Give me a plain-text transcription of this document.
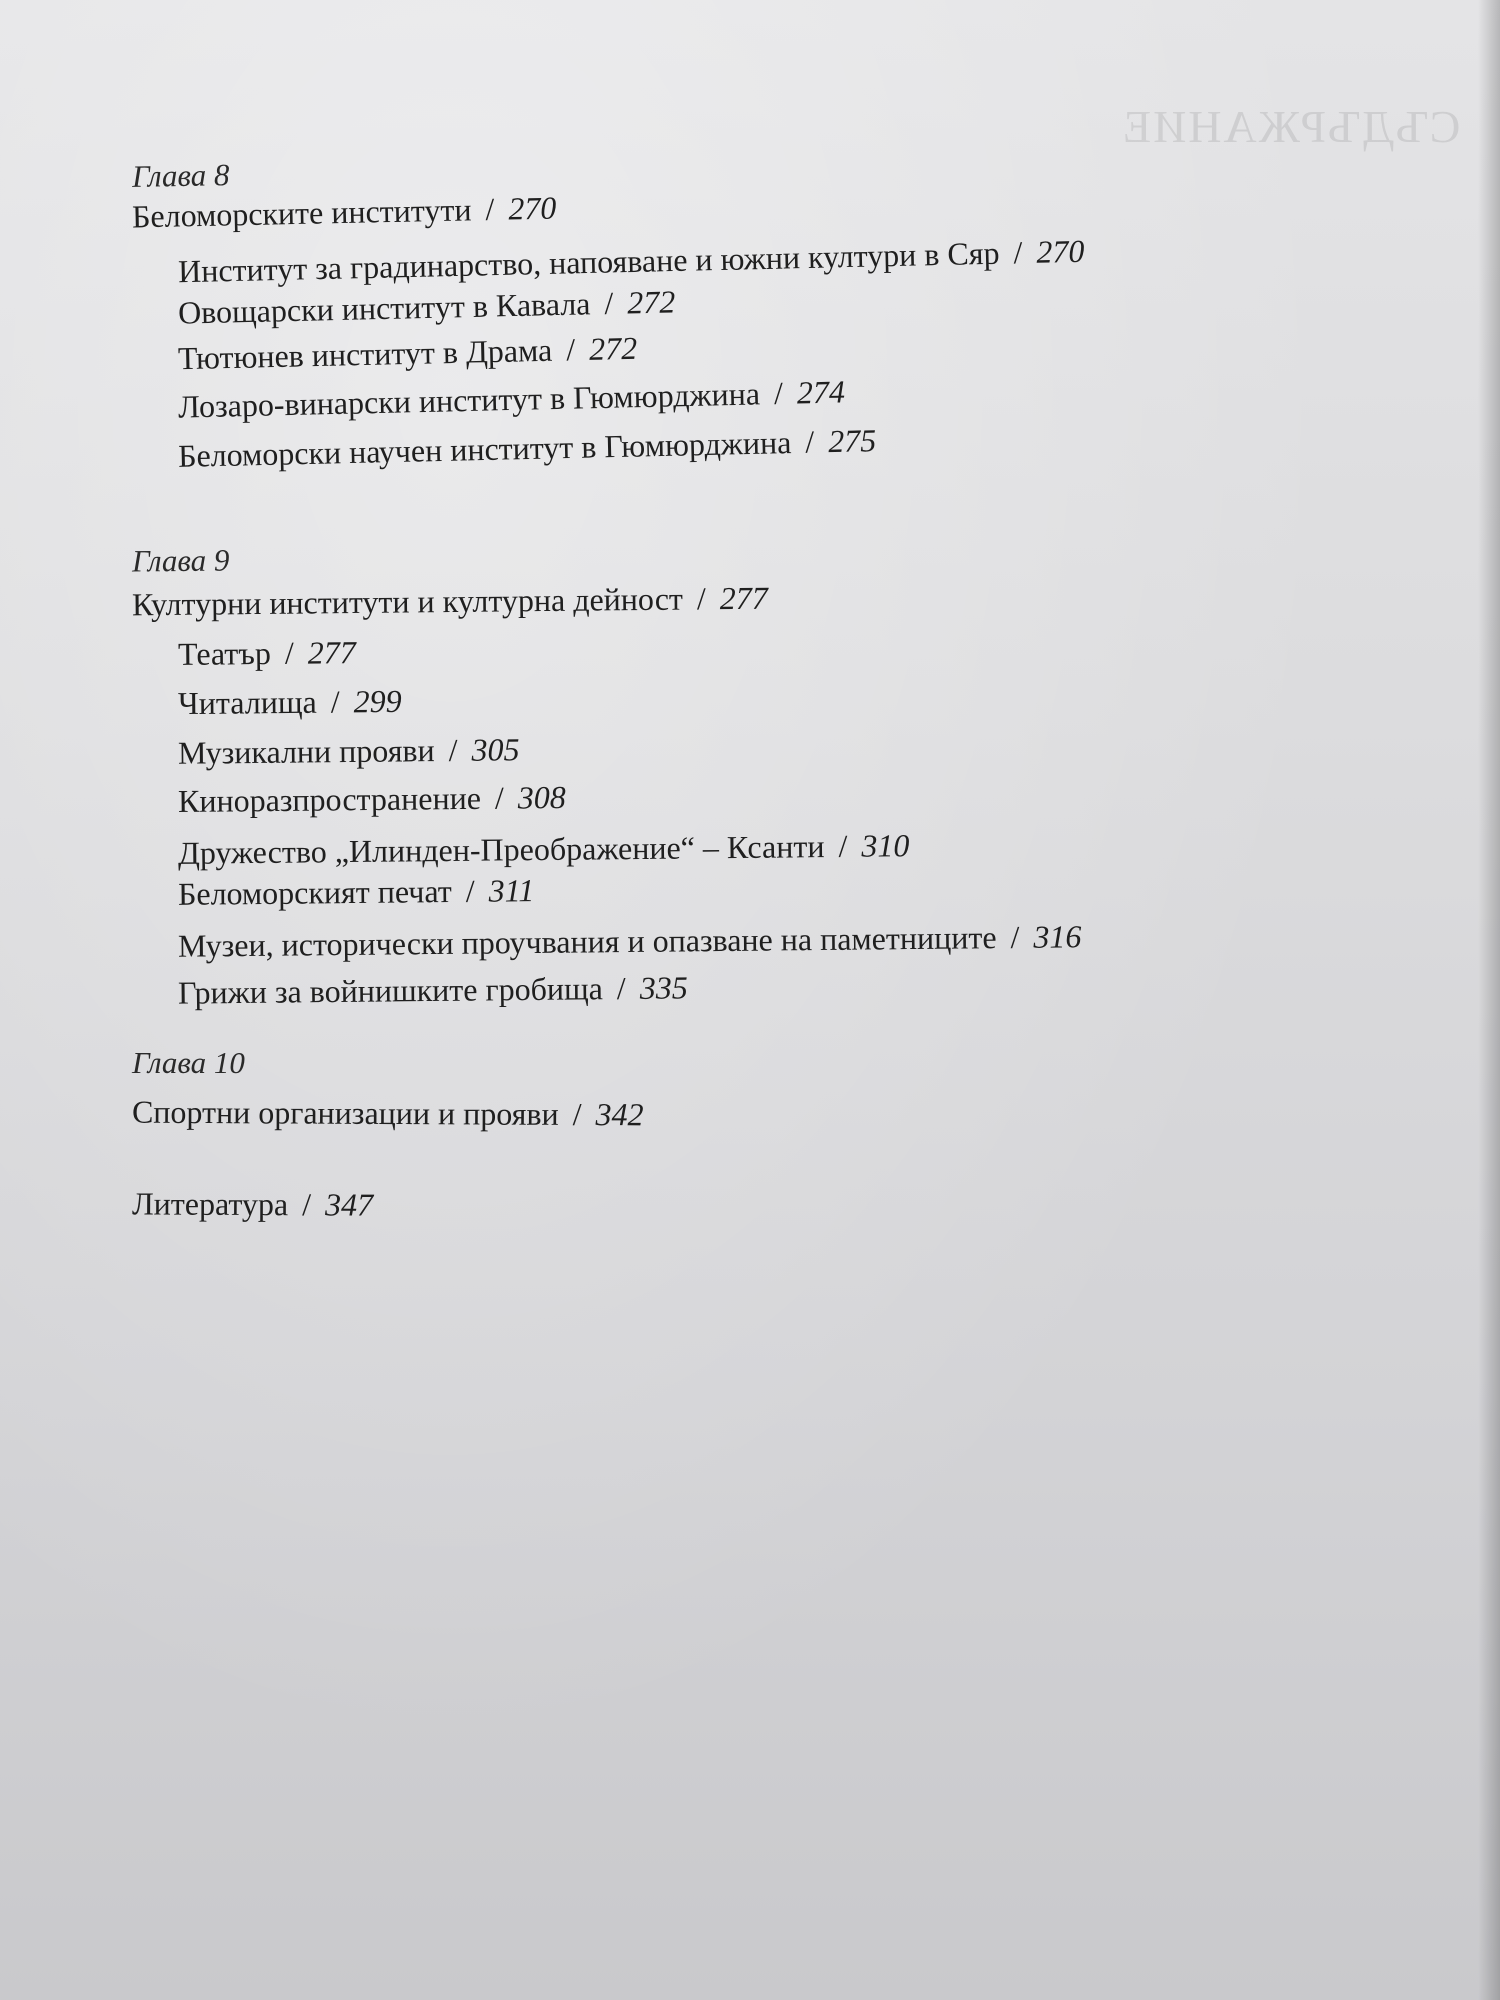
СЪДЪРЖАНИЕ
Глава 8
Беломорските институти / 270
Институт за градинарство, напояване и южни култури в Сяр / 270
Овощарски институт в Кавала / 272
Тютюнев институт в Драма / 272
Лозаро-винарски институт в Гюмюрджина / 274
Беломорски научен институт в Гюмюрджина / 275
Глава 9
Културни институти и културна дейност / 277
Театър / 277
Читалища / 299
Музикални прояви / 305
Киноразпространение / 308
Дружество „Илинден-Преображение“ – Ксанти / 310
Беломорският печат / 311
Музеи, исторически проучвания и опазване на паметниците / 316
Грижи за войнишките гробища / 335
Глава 10
Спортни организации и прояви / 342
Литература / 347
